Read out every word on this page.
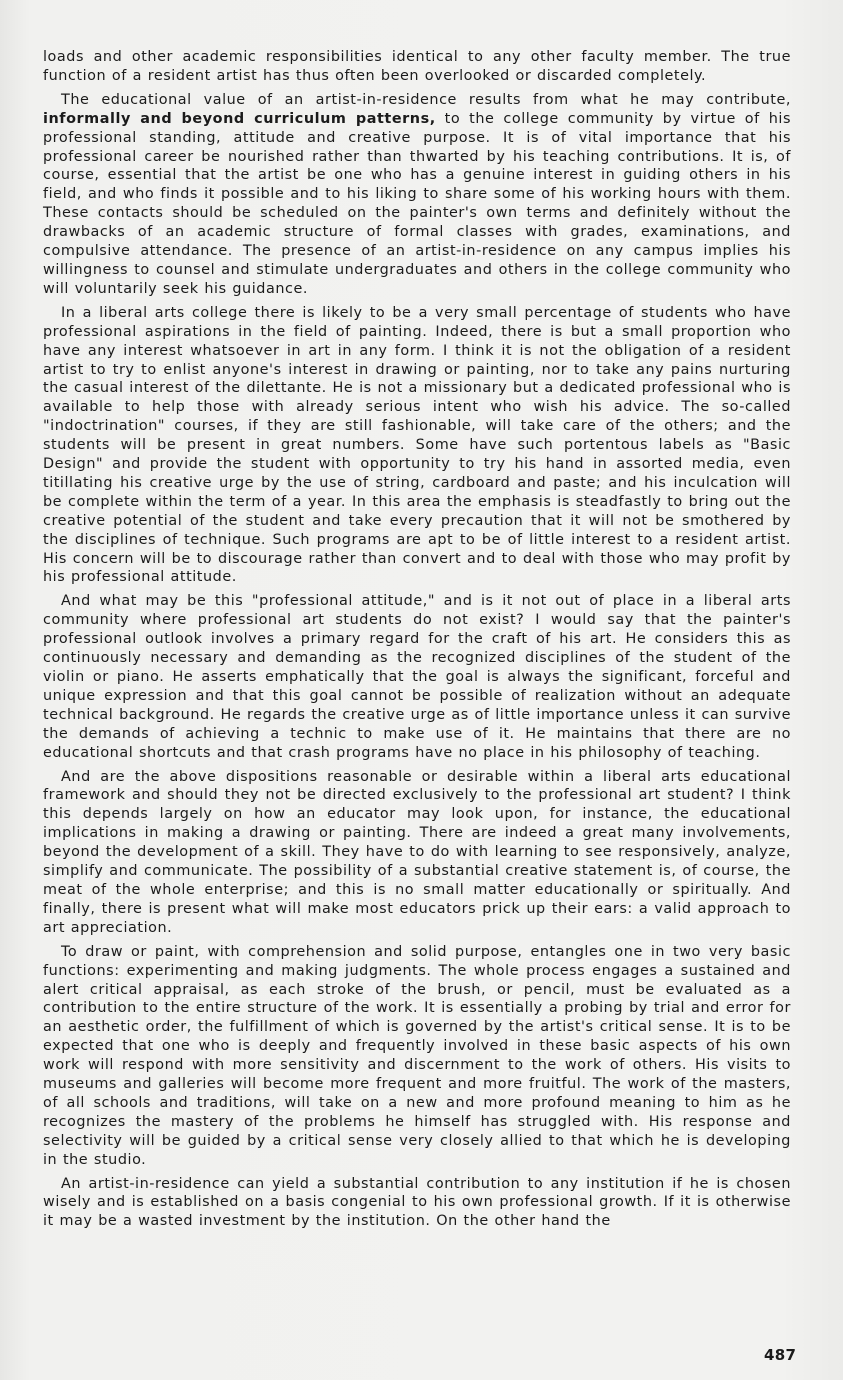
loads and other academic responsibilities identical to any other faculty member. The true function of a resident artist has thus often been overlooked or discarded completely.

The educational value of an artist-in-residence results from what he may contribute, informally and beyond curriculum patterns, to the college community by virtue of his professional standing, attitude and creative purpose. It is of vital importance that his professional career be nourished rather than thwarted by his teaching contributions. It is, of course, essential that the artist be one who has a genuine interest in guiding others in his field, and who finds it possible and to his liking to share some of his working hours with them. These contacts should be scheduled on the painter's own terms and definitely without the drawbacks of an academic structure of formal classes with grades, examinations, and compulsive attendance. The presence of an artist-in-residence on any campus implies his willingness to counsel and stimulate undergraduates and others in the college community who will voluntarily seek his guidance.

In a liberal arts college there is likely to be a very small percentage of students who have professional aspirations in the field of painting. Indeed, there is but a small proportion who have any interest whatsoever in art in any form. I think it is not the obligation of a resident artist to try to enlist anyone's interest in drawing or painting, nor to take any pains nurturing the casual interest of the dilettante. He is not a missionary but a dedicated professional who is available to help those with already serious intent who wish his advice. The so-called "indoctrination" courses, if they are still fashionable, will take care of the others; and the students will be present in great numbers. Some have such portentous labels as "Basic Design" and provide the student with opportunity to try his hand in assorted media, even titillating his creative urge by the use of string, cardboard and paste; and his inculcation will be complete within the term of a year. In this area the emphasis is steadfastly to bring out the creative potential of the student and take every precaution that it will not be smothered by the disciplines of technique. Such programs are apt to be of little interest to a resident artist. His concern will be to discourage rather than convert and to deal with those who may profit by his professional attitude.

And what may be this "professional attitude," and is it not out of place in a liberal arts community where professional art students do not exist? I would say that the painter's professional outlook involves a primary regard for the craft of his art. He considers this as continuously necessary and demanding as the recognized disciplines of the student of the violin or piano. He asserts emphatically that the goal is always the significant, forceful and unique expression and that this goal cannot be possible of realization without an adequate technical background. He regards the creative urge as of little importance unless it can survive the demands of achieving a technic to make use of it. He maintains that there are no educational shortcuts and that crash programs have no place in his philosophy of teaching.

And are the above dispositions reasonable or desirable within a liberal arts educational framework and should they not be directed exclusively to the professional art student? I think this depends largely on how an educator may look upon, for instance, the educational implications in making a drawing or painting. There are indeed a great many involvements, beyond the development of a skill. They have to do with learning to see responsively, analyze, simplify and communicate. The possibility of a substantial creative statement is, of course, the meat of the whole enterprise; and this is no small matter educationally or spiritually. And finally, there is present what will make most educators prick up their ears: a valid approach to art appreciation.

To draw or paint, with comprehension and solid purpose, entangles one in two very basic functions: experimenting and making judgments. The whole process engages a sustained and alert critical appraisal, as each stroke of the brush, or pencil, must be evaluated as a contribution to the entire structure of the work. It is essentially a probing by trial and error for an aesthetic order, the fulfillment of which is governed by the artist's critical sense. It is to be expected that one who is deeply and frequently involved in these basic aspects of his own work will respond with more sensitivity and discernment to the work of others. His visits to museums and galleries will become more frequent and more fruitful. The work of the masters, of all schools and traditions, will take on a new and more profound meaning to him as he recognizes the mastery of the problems he himself has struggled with. His response and selectivity will be guided by a critical sense very closely allied to that which he is developing in the studio.

An artist-in-residence can yield a substantial contribution to any institution if he is chosen wisely and is established on a basis congenial to his own professional growth. If it is otherwise it may be a wasted investment by the institution. On the other hand the

487
